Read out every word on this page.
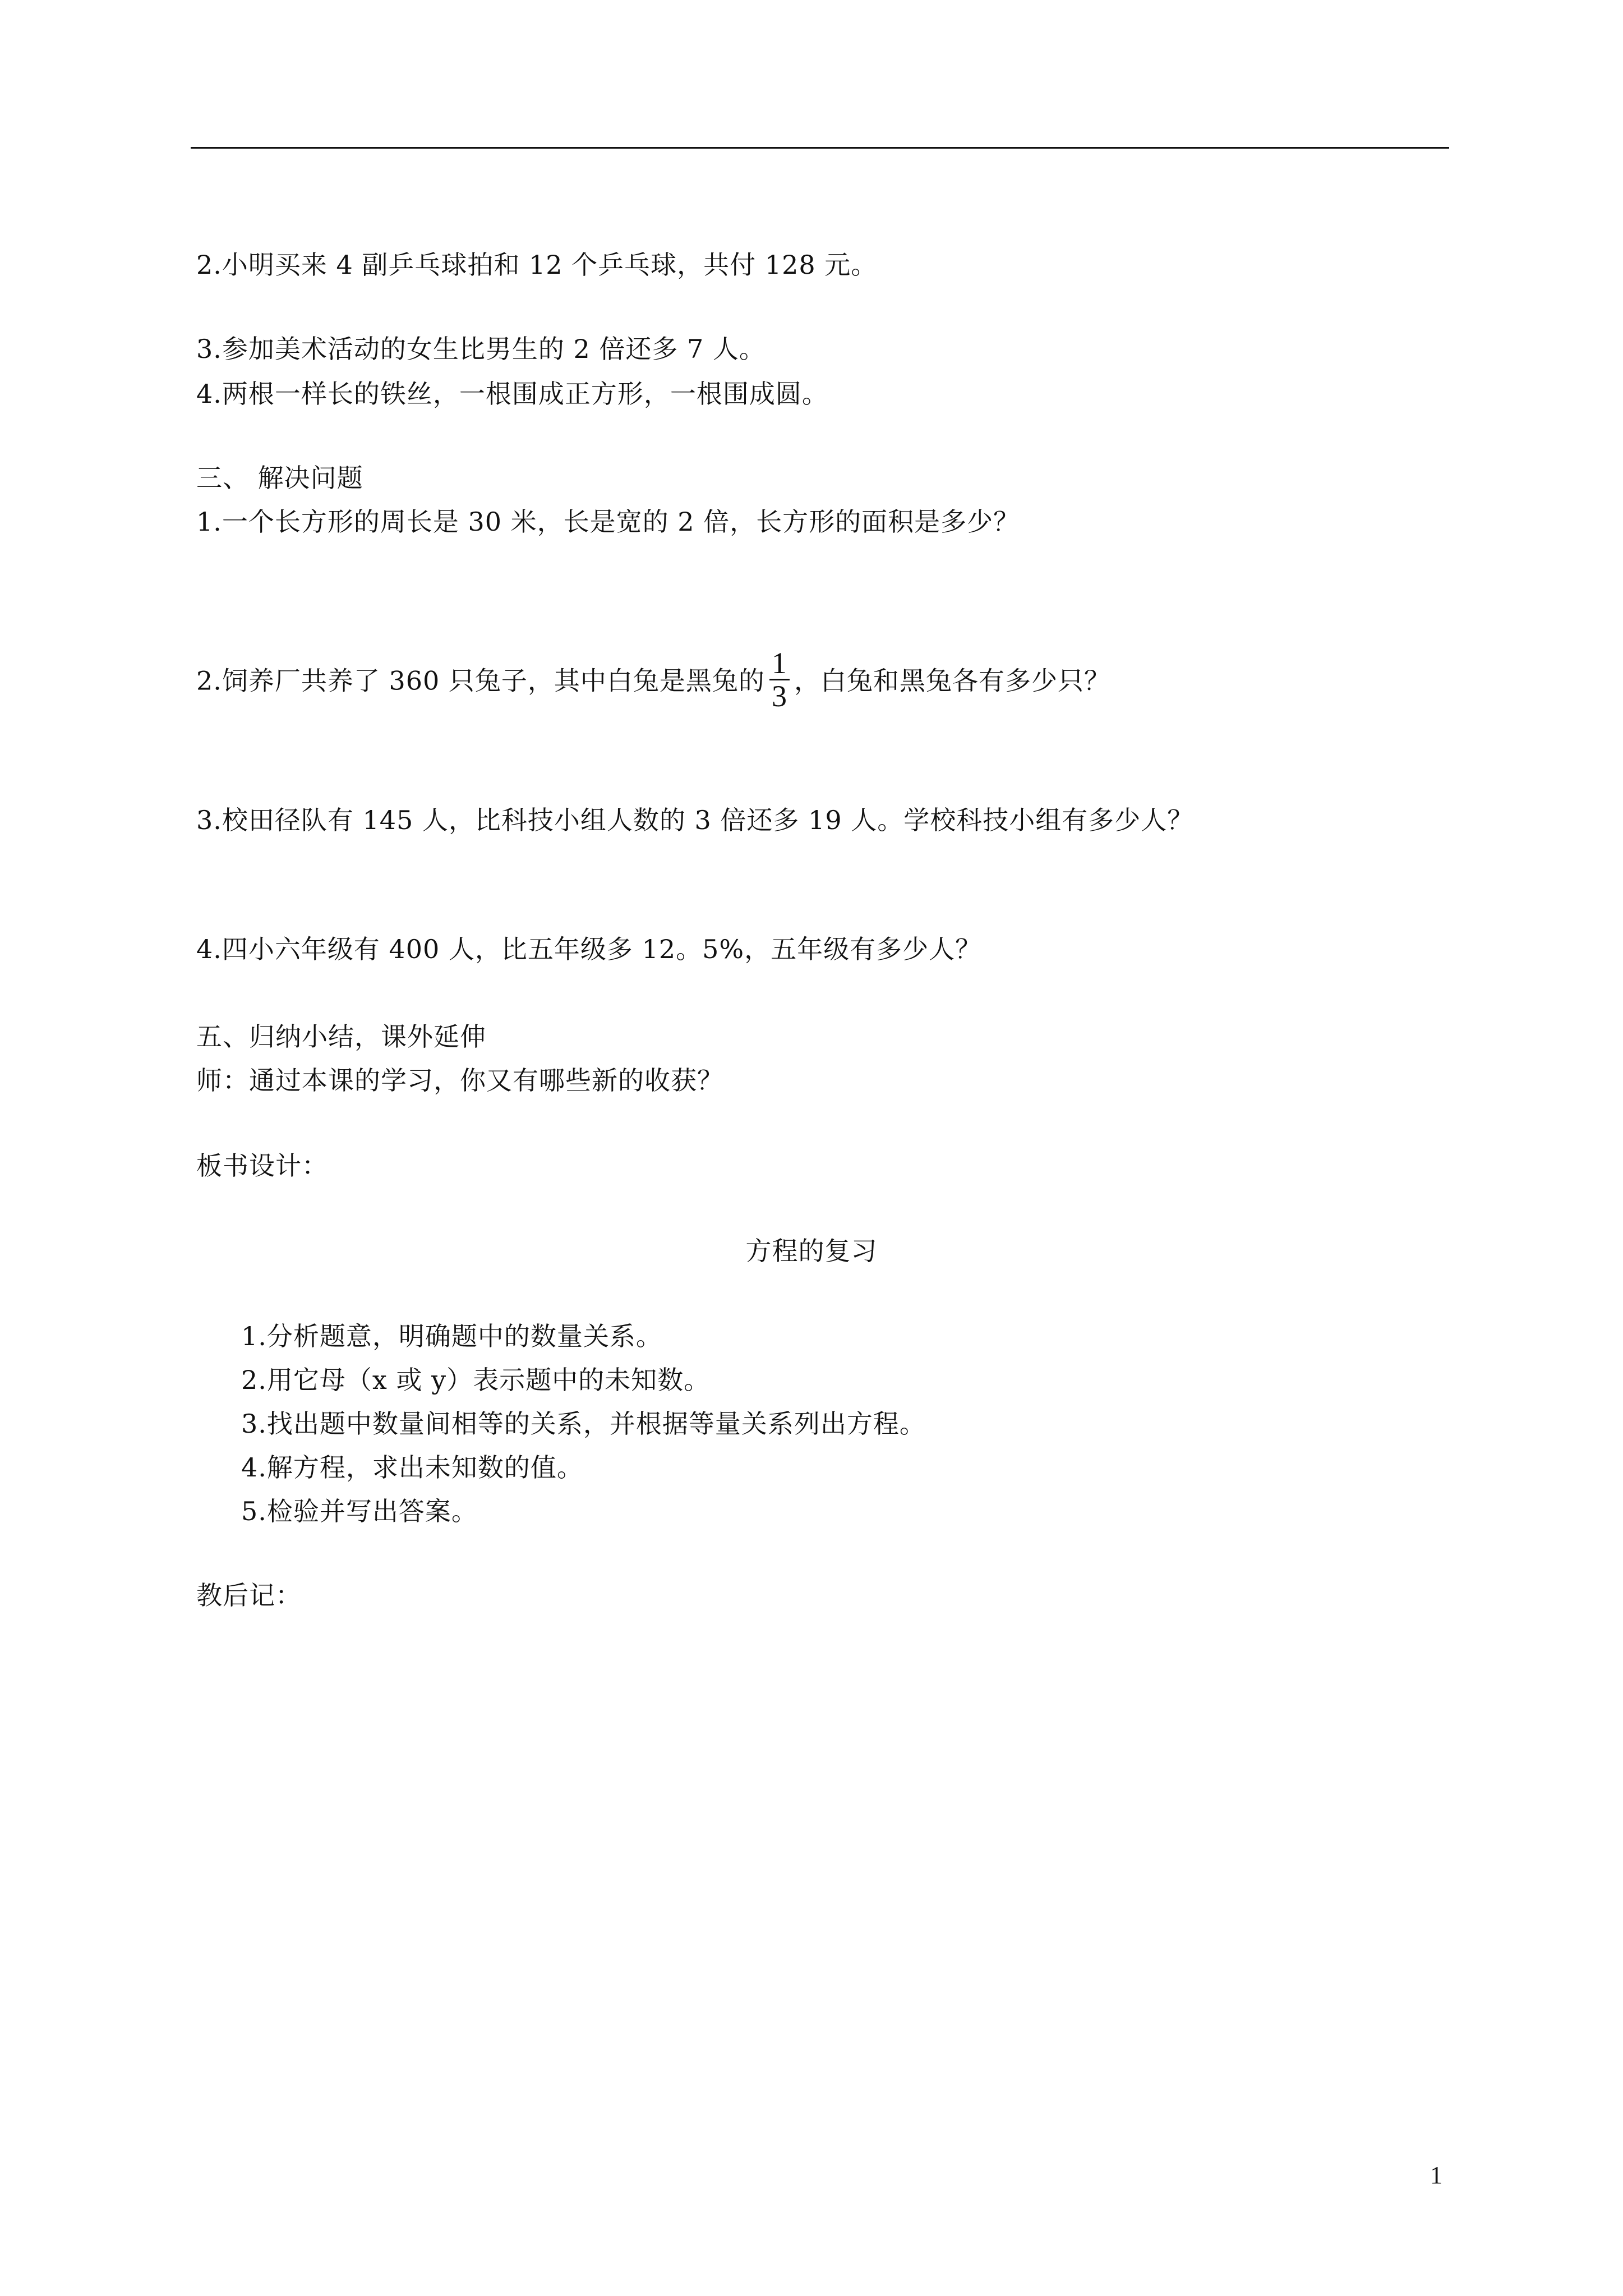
2.小明买来 4 副乒乓球拍和 12 个乒乓球，共付 128 元。
3.参加美术活动的女生比男生的 2 倍还多 7 人。
4.两根一样长的铁丝，一根围成正方形，一根围成圆。
三、 解决问题
1.一个长方形的周长是 30 米，长是宽的 2 倍，长方形的面积是多少？
2.饲养厂共养了 360 只兔子，其中白兔是黑兔的 $\frac{1}{3}$ ，白兔和黑兔各有多少只？
3.校田径队有 145 人，比科技小组人数的 3 倍还多 19 人。学校科技小组有多少人？
4.四小六年级有 400 人，比五年级多 12。5%，五年级有多少人？
五、归纳小结，课外延伸
师：通过本课的学习，你又有哪些新的收获？
板书设计：
方程的复习
1.分析题意，明确题中的数量关系。
2.用它母（x 或 y）表示题中的未知数。
3.找出题中数量间相等的关系，并根据等量关系列出方程。
4.解方程，求出未知数的值。
5.检验并写出答案。
教后记：
1
